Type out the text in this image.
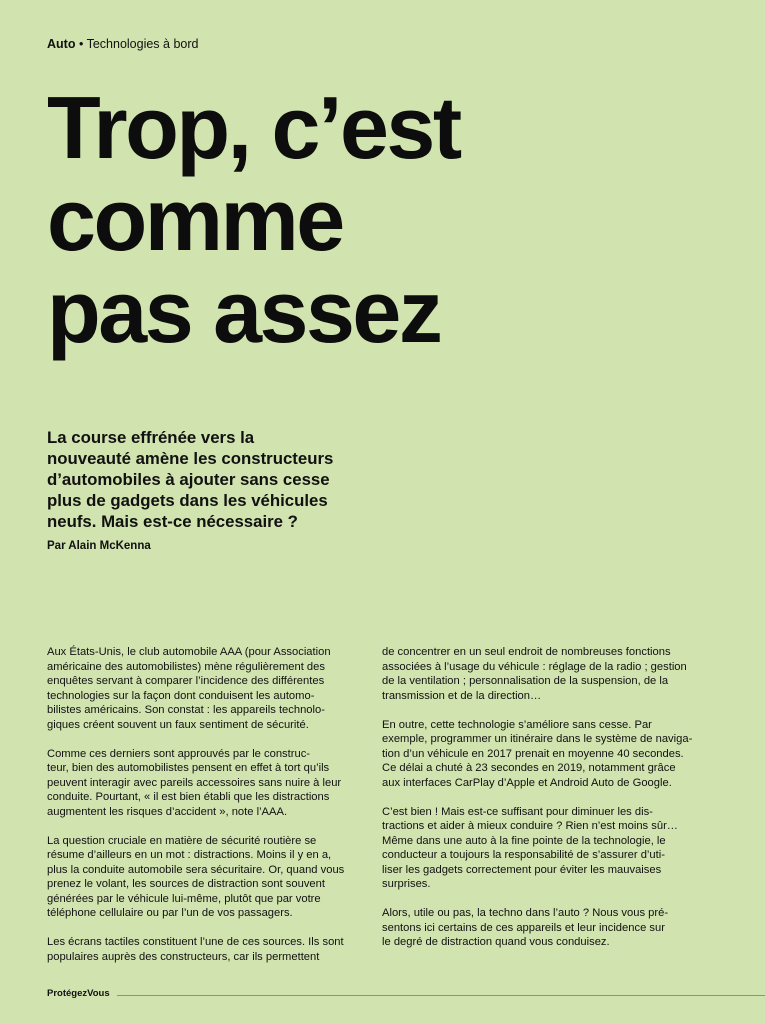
Auto • Technologies à bord
Trop, c’est
comme
pas assez
La course effrénée vers la
nouveauté amène les constructeurs
d’automobiles à ajouter sans cesse
plus de gadgets dans les véhicules
neufs. Mais est-ce nécessaire ?
Par Alain McKenna

Aux États-Unis, le club automobile AAA (pour Association
américaine des automobilistes) mène régulièrement des
enquêtes servant à comparer l’incidence des différentes
technologies sur la façon dont conduisent les automo-
bilistes américains. Son constat : les appareils technolo-
giques créent souvent un faux sentiment de sécurité.

Comme ces derniers sont approuvés par le construc-
teur, bien des automobilistes pensent en effet à tort qu’ils
peuvent interagir avec pareils accessoires sans nuire à leur
conduite. Pourtant, « il est bien établi que les distractions
augmentent les risques d’accident », note l’AAA.

La question cruciale en matière de sécurité routière se
résume d’ailleurs en un mot : distractions. Moins il y en a,
plus la conduite automobile sera sécuritaire. Or, quand vous
prenez le volant, les sources de distraction sont souvent
générées par le véhicule lui-même, plutôt que par votre
téléphone cellulaire ou par l’un de vos passagers.

Les écrans tactiles constituent l’une de ces sources. Ils sont
populaires auprès des constructeurs, car ils permettent

de concentrer en un seul endroit de nombreuses fonctions
associées à l’usage du véhicule : réglage de la radio ; gestion
de la ventilation ; personnalisation de la suspension, de la
transmission et de la direction…

En outre, cette technologie s’améliore sans cesse. Par
exemple, programmer un itinéraire dans le système de naviga-
tion d’un véhicule en 2017 prenait en moyenne 40 secondes.
Ce délai a chuté à 23 secondes en 2019, notamment grâce
aux interfaces CarPlay d’Apple et Android Auto de Google.

C’est bien ! Mais est-ce suffisant pour diminuer les dis-
tractions et aider à mieux conduire ? Rien n’est moins sûr…
Même dans une auto à la fine pointe de la technologie, le
conducteur a toujours la responsabilité de s’assurer d’uti-
liser les gadgets correctement pour éviter les mauvaises
surprises.

Alors, utile ou pas, la techno dans l’auto ? Nous vous pré-
sentons ici certains de ces appareils et leur incidence sur
le degré de distraction quand vous conduisez.

ProtégezVous
